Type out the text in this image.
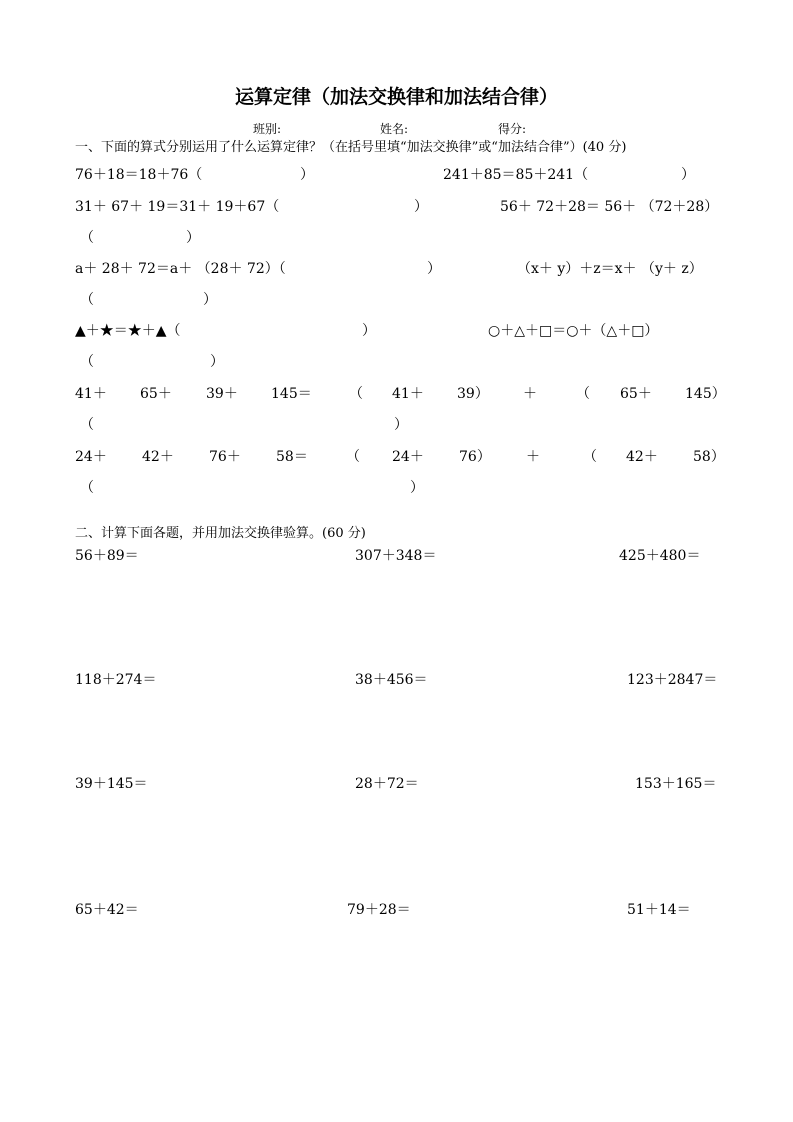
运算定律（加法交换律和加法结合律）
班别:	姓名:	得分:
一、下面的算式分别运用了什么运算定律？（在括号里填“加法交换律”或“加法结合律”）(40 分)
76＋18＝18＋76（	）	241＋85＝85＋241（	）
31＋ 67＋ 19＝31＋ 19＋67（	）	56＋ 72＋28＝ 56＋ （72＋28）
（	）
a＋ 28＋ 72＝a＋ （28＋ 72）（	）	（x＋ y）＋z＝x＋ （y＋ z）
（	）
▲＋★＝★＋▲（	）	○＋△＋□＝○＋（△＋□）
（	）
41＋ 65＋ 39＋ 145＝	（ 41＋ 39） ＋	（ 65＋ 145）
（	）
24＋	42＋	76＋	58＝	（ 24＋	76）	＋	（ 42＋	58）
（	）
二、计算下面各题，并用加法交换律验算。(60 分)
56＋89＝	307＋348＝	425＋480＝
118＋274＝	38＋456＝	123＋2847＝
39＋145＝	28＋72＝	153＋165＝
65＋42＝	79＋28＝	51＋14＝
